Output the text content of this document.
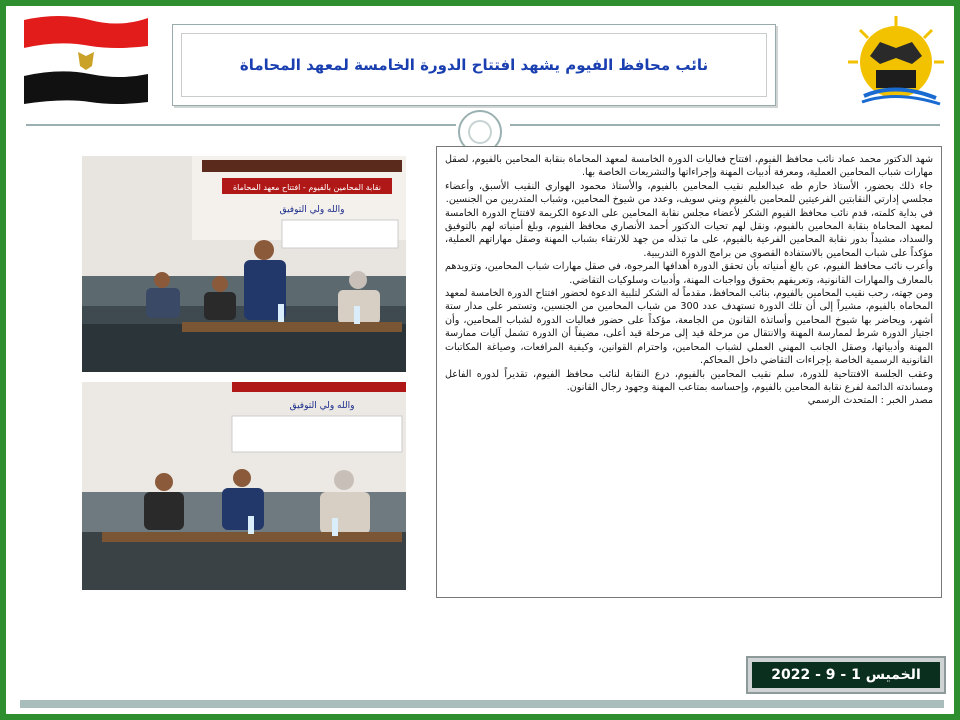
نائب محافظ الفيوم يشهد افتتاح الدورة الخامسة لمعهد المحاماة
نقابة المحامين بالفيوم - افتتاح معهد المحاماة
والله ولي التوفيق
والله ولي التوفيق

شهد الدكتور محمد عماد نائب محافظ الفيوم، افتتاح فعاليات الدورة الخامسة لمعهد المحاماة بنقابة المحامين بالفيوم، لصقل مهارات شباب المحامين العملية، ومعرفة أدبيات المهنة وإجراءاتها والتشريعات الخاصة بها.

جاء ذلك بحضور، الأستاذ حازم طه عبدالعليم نقيب المحامين بالفيوم، والأستاذ محمود الهواري النقيب الأسبق، وأعضاء مجلسي إدارتي النقابتين الفرعيتين للمحامين بالفيوم وبني سويف، وعدد من شيوخ المحامين، وشباب المتدربين من الجنسين.

في بداية كلمته، قدم نائب محافظ الفيوم الشكر لأعضاء مجلس نقابة المحامين على الدعوة الكريمة لافتتاح الدورة الخامسة لمعهد المحاماة بنقابة المحامين بالفيوم، ونقل لهم تحيات الدكتور أحمد الأنصاري محافظ الفيوم، وبلغ أمنياته لهم بالتوفيق والسداد، مشيداً بدور نقابة المحامين الفرعية بالفيوم، على ما تبذله من جهد للارتقاء بشباب المهنة وصقل مهاراتهم العملية، مؤكداً على شباب المحامين بالاستفادة القصوى من برامج الدورة التدريبية.

وأعرب نائب محافظ الفيوم، عن بالغ أمنياته بأن تحقق الدورة أهدافها المرجوة، في صقل مهارات شباب المحامين، وتزويدهم بالمعارف والمهارات القانونية، وتعريفهم بحقوق وواجبات المهنة، وأدبيات وسلوكيات التقاضي.

ومن جهته، رحب نقيب المحامين بالفيوم، بنائب المحافظ، مقدماً له الشكر لتلبية الدعوة لحضور افتتاح الدورة الخامسة لمعهد المحاماه بالفيوم، مشيراً إلى أن تلك الدورة تستهدف عدد 300 من شباب المحامين من الجنسين، وتستمر على مدار ستة أشهر، ويحاضر بها شيوخ المحامين وأساتذة القانون من الجامعة، مؤكداً على حضور فعاليات الدورة لشباب المحامين، وأن اجتياز الدورة شرط لممارسة المهنة والانتقال من مرحلة قيد إلى مرحلة قيد أعلى، مضيفاً أن الدورة تشمل آليات ممارسة المهنة وأدبياتها، وصقل الجانب المهني العملي لشباب المحامين، واحترام القوانين، وكيفية المرافعات، وصياغة المكاتبات القانونية الرسمية الخاصة بإجراءات التقاضي داخل المحاكم.

وعقب الجلسة الافتتاحية للدورة، سلم نقيب المحامين بالفيوم، درع النقابة لنائب محافظ الفيوم، تقديراً لدوره الفاعل ومساندته الدائمة لفرع نقابة المحامين بالفيوم، وإحساسه بمتاعب المهنة وجهود رجال القانون.

مصدر الخبر : المتحدث الرسمي

الخميس 1 - 9 - 2022
